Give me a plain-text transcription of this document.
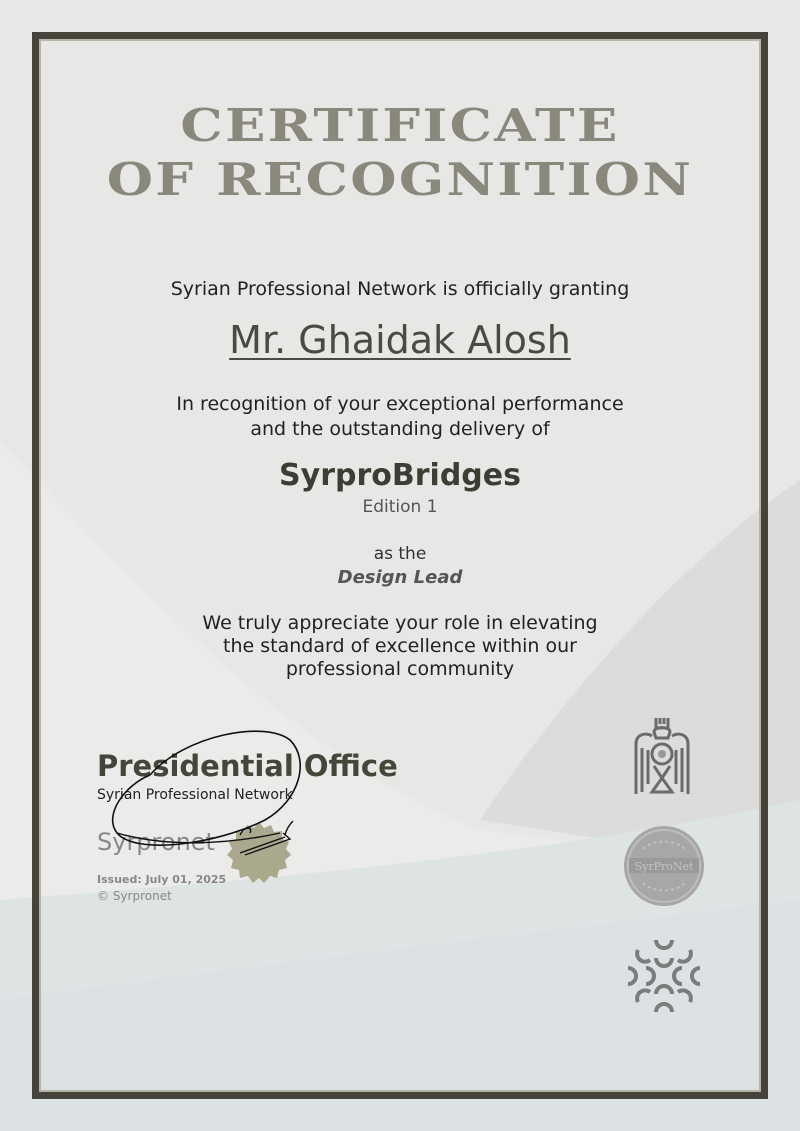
CERTIFICATE
OF RECOGNITION
Syrian Professional Network is officially granting
Mr. Ghaidak Alosh
In recognition of your exceptional performance
and the outstanding delivery of
SyrproBridges
Edition 1
as the
Design Lead
We truly appreciate your role in elevating
the standard of excellence within our
professional community
Presidential Office
Syrian Professional Network
Syrpronet
Issued: July 01, 2025
© Syrpronet
SyrProNet
